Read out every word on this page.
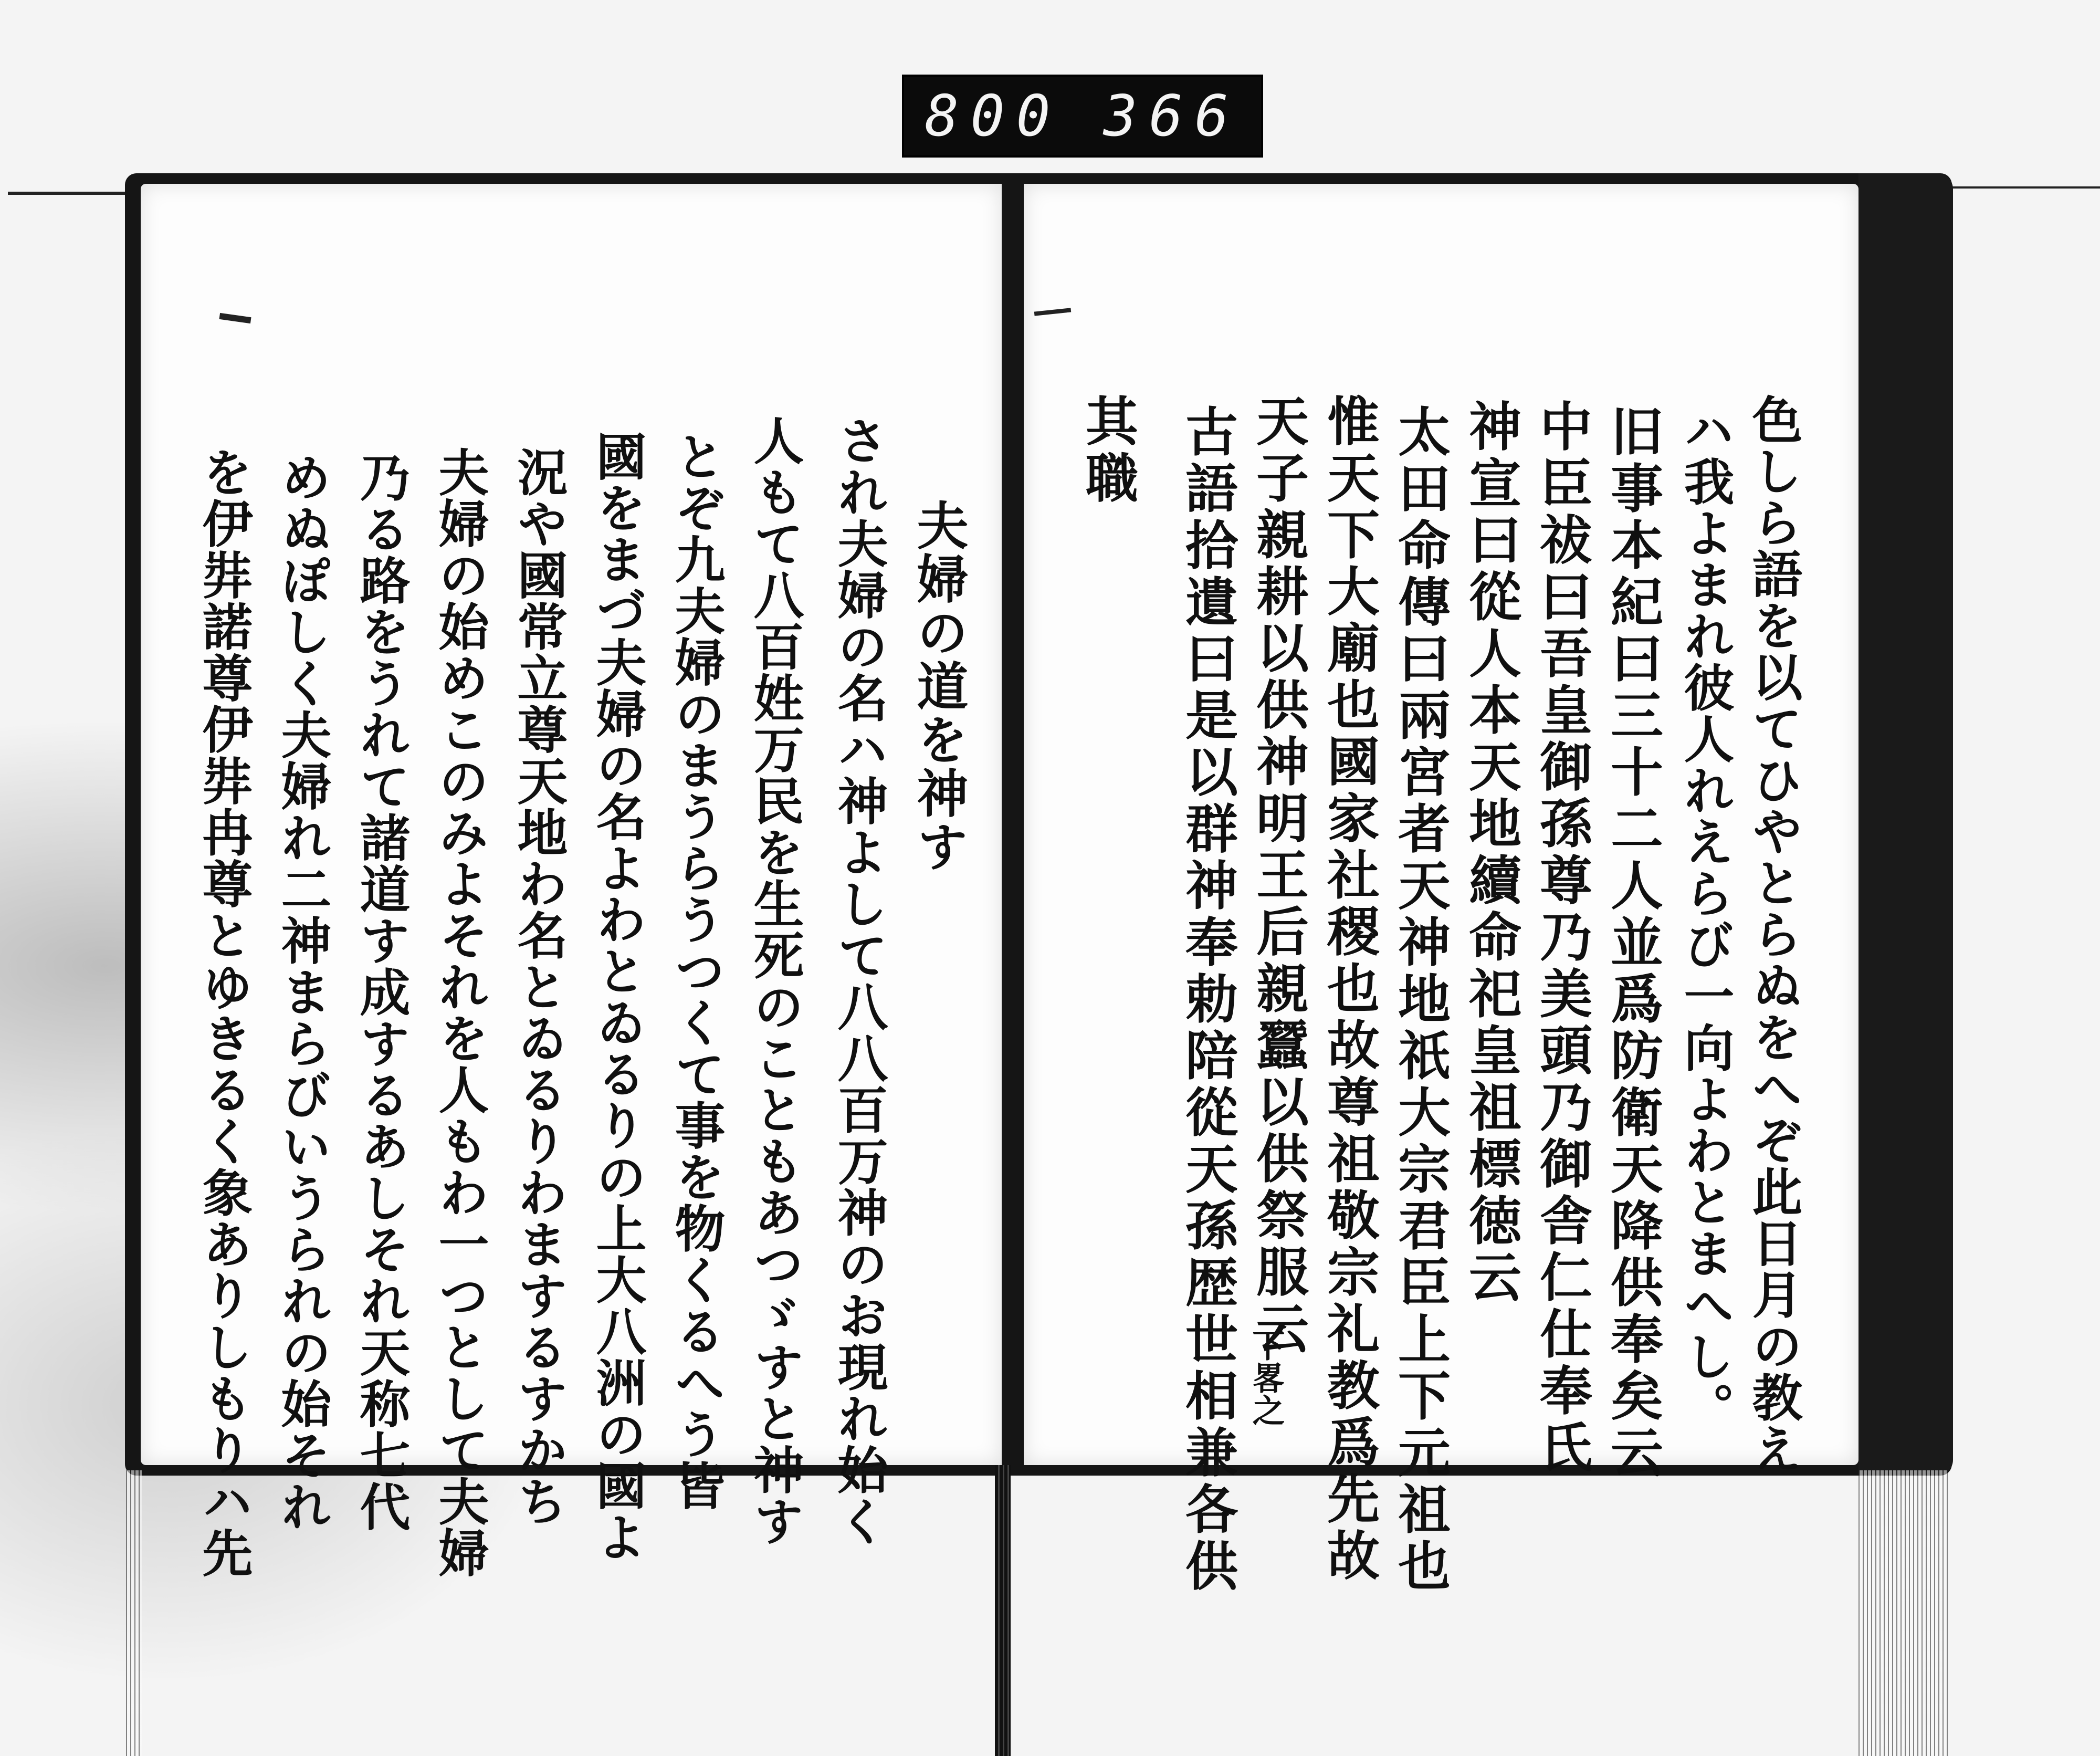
800 366
夫婦の道を神す
され夫婦の名ハ神よして八八百万神のお現れ始く
人もて八百姓万民を生死のこともあつゞすと神す
とぞ九夫婦のまうらうつくて事を物くるへう皆
國をまづ夫婦の名よわとゐるりの上大八洲の國よ
況や國常立尊天地わ名とゐるりわまするすかち
夫婦の始めこのみよそれを人もわ一つとして夫婦
乃る路をうれて諸道す成するあしそれ天称七代
めぬぽしく夫婦れ二神まらびいうられの始それ
を伊弉諾尊伊弉冉尊とゆきるく象ありしもりハ先	色しら語を以てひやとらぬをへぞ此日月の教え
ハ我よまれ彼人れえらび一向よわとまへし。
旧事本紀曰三十二人並爲防衛天降供奉矣云
中臣祓曰吾皇御孫尊乃美頭乃御舎仁仕奉氏
神宣曰從人本天地續命祀皇祖標徳云
太田命傳曰兩宮者天神地祇大宗君臣上下元祖也
惟天下大廟也國家社稷也故尊祖敬宗礼教爲先故
天子親耕以供神明王后親蠶以供祭服云
古語拾遺曰是以群神奉勅陪從天孫歴世相兼各供
其職
下畧之
